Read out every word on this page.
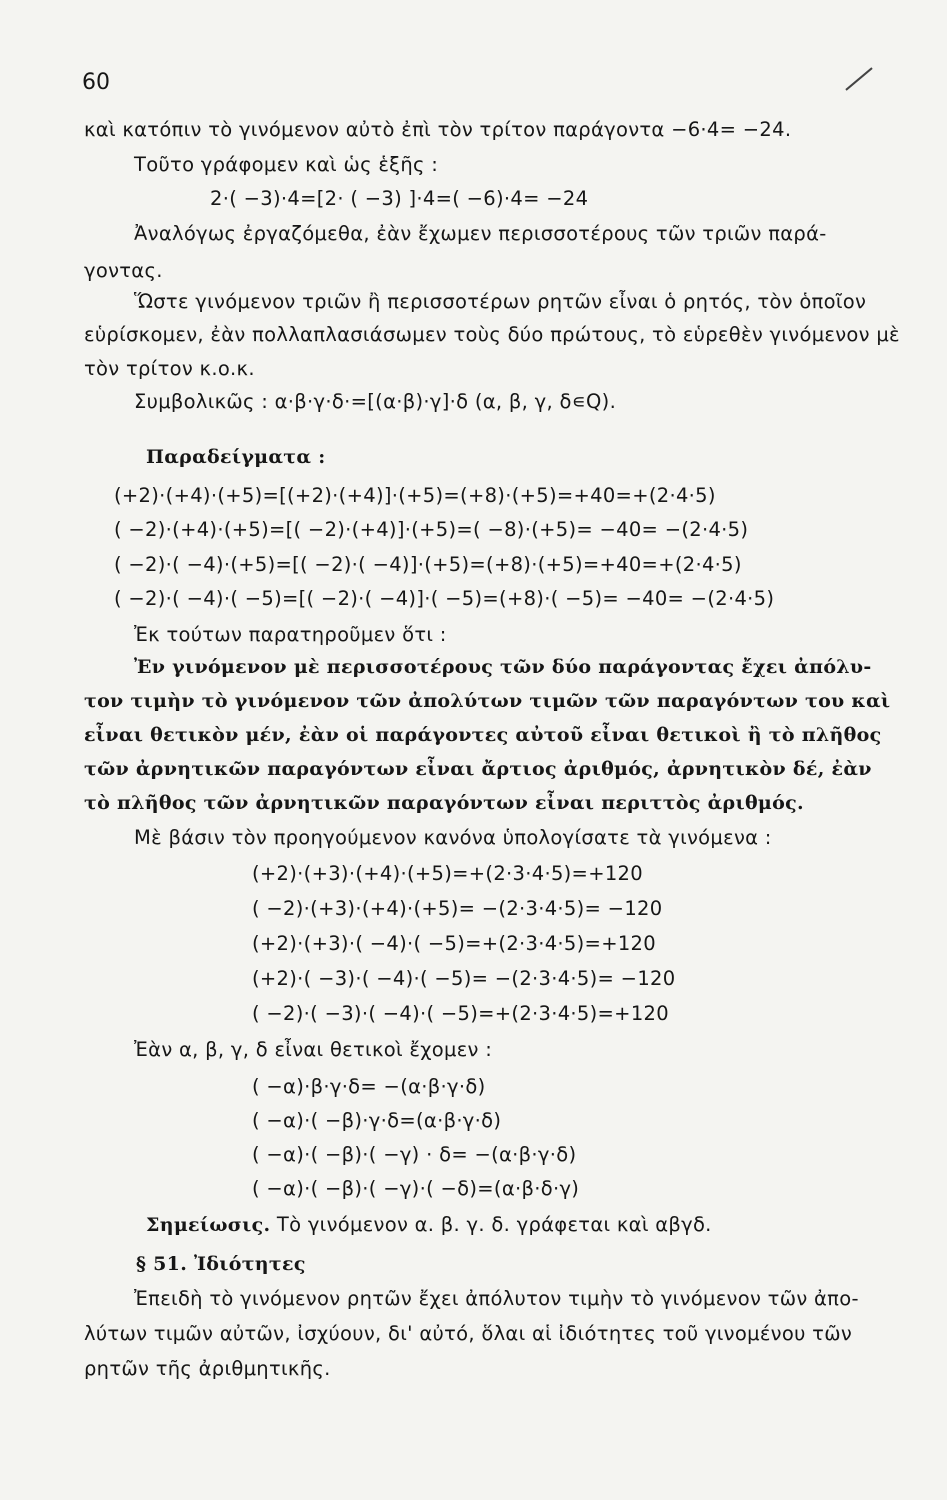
60
καὶ κατόπιν τὸ γινόμενον αὐτὸ ἐπὶ τὸν τρίτον παράγοντα −6·4= −24.
Τοῦτο γράφομεν καὶ ὡς ἑξῆς :
2·( −3)·4=[2· ( −3) ]·4=( −6)·4= −24
Ἀναλόγως ἐργαζόμεθα, ἐὰν ἔχωμεν περισσοτέρους τῶν τριῶν παρά-
γοντας.
Ὥστε γινόμενον τριῶν ἢ περισσοτέρων ρητῶν εἶναι ὁ ρητός, τὸν ὁποῖον
εὑρίσκομεν, ἐὰν πολλαπλασιάσωμεν τοὺς δύο πρώτους, τὸ εὑρεθὲν γινόμενον μὲ
τὸν τρίτον κ.ο.κ.
Συμβολικῶς : α·β·γ·δ·=[(α·β)·γ]·δ (α, β, γ, δ∊Q).
Παραδείγματα :
(+2)·(+4)·(+5)=[(+2)·(+4)]·(+5)=(+8)·(+5)=+40=+(2·4·5)
( −2)·(+4)·(+5)=[( −2)·(+4)]·(+5)=( −8)·(+5)= −40= −(2·4·5)
( −2)·( −4)·(+5)=[( −2)·( −4)]·(+5)=(+8)·(+5)=+40=+(2·4·5)
( −2)·( −4)·( −5)=[( −2)·( −4)]·( −5)=(+8)·( −5)= −40= −(2·4·5)
Ἐκ τούτων παρατηροῦμεν ὅτι :
Ἐν γινόμενον μὲ περισσοτέρους τῶν δύο παράγοντας ἔχει ἀπόλυ-
τον τιμὴν τὸ γινόμενον τῶν ἀπολύτων τιμῶν τῶν παραγόντων του καὶ
εἶναι θετικὸν μέν, ἐὰν οἱ παράγοντες αὐτοῦ εἶναι θετικοὶ ἢ τὸ πλῆθος
τῶν ἀρνητικῶν παραγόντων εἶναι ἄρτιος ἀριθμός, ἀρνητικὸν δέ, ἐὰν
τὸ πλῆθος τῶν ἀρνητικῶν παραγόντων εἶναι περιττὸς ἀριθμός.
Μὲ βάσιν τὸν προηγούμενον κανόνα ὑπολογίσατε τὰ γινόμενα :
(+2)·(+3)·(+4)·(+5)=+(2·3·4·5)=+120
( −2)·(+3)·(+4)·(+5)= −(2·3·4·5)= −120
(+2)·(+3)·( −4)·( −5)=+(2·3·4·5)=+120
(+2)·( −3)·( −4)·( −5)= −(2·3·4·5)= −120
( −2)·( −3)·( −4)·( −5)=+(2·3·4·5)=+120
Ἐὰν α, β, γ, δ εἶναι θετικοὶ ἔχομεν :
( −α)·β·γ·δ= −(α·β·γ·δ)
( −α)·( −β)·γ·δ=(α·β·γ·δ)
( −α)·( −β)·( −γ) · δ= −(α·β·γ·δ)
( −α)·( −β)·( −γ)·( −δ)=(α·β·δ·γ)
Σημείωσις. Τὸ γινόμενον α. β. γ. δ. γράφεται καὶ αβγδ.
§ 51. Ἰδιότητες
Ἐπειδὴ τὸ γινόμενον ρητῶν ἔχει ἀπόλυτον τιμὴν τὸ γινόμενον τῶν ἀπο-
λύτων τιμῶν αὐτῶν, ἰσχύουν, δι' αὐτό, ὅλαι αἱ ἰδιότητες τοῦ γινομένου τῶν
ρητῶν τῆς ἀριθμητικῆς.
